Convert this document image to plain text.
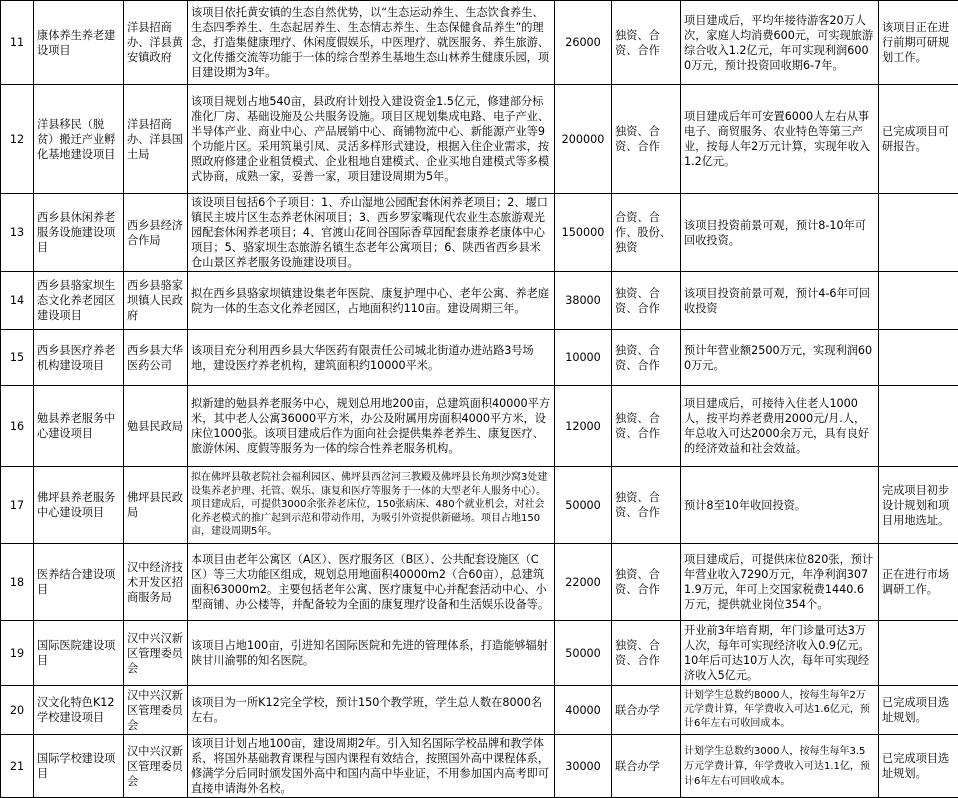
11	康体养生养老建设项目	洋县招商办、洋县黄安镇政府	该项目依托黄安镇的生态自然优势，以“生态运动养生、生态饮食养生、生态四季养生、生态起居养生、生态情志养生、生态保健食品养生”的理念，打造集健康理疗、休闲度假娱乐，中医理疗、就医服务、养生旅游、文化传播交流等功能于一体的综合型养生基地生态山林养生健康乐园，项目建设期为3年。	26000	独资、合资、合作	项目建成后，平均年接待游客20万人次，家庭人均消费600元，可实现旅游综合收入1.2亿元，年可实现利润6000万元，预计投资回收期6-7年。	该项目正在进行前期可研规划工作。
12	洋县移民（脱贫）搬迁产业孵化基地建设项目	洋县招商办、洋县国土局	该项目规划占地540亩，县政府计划投入建设资金1.5亿元，修建部分标准化厂房、基础设施及公共服务设施。项目区规划集成电路、电子产业、半导体产业、商业中心、产品展销中心、商铺物流中心、新能源产业等9个功能片区。采用筑巢引凤、灵活多样形式建设，根据入住企业需求，按照政府修建企业租赁模式、企业租地自建模式、企业买地自建模式等多模式协商，成熟一家，妥善一家，项目建设周期为5年。	200000	独资、合资、合作	项目建成后年可安置6000人左右从事电子、商贸服务、农业特色等第三产业，按每人年2万元计算，实现年收入1.2亿元。	已完成项目可研报告。
13	西乡县休闲养老服务设施建设项目	西乡县经济合作局	该设项目包括6个子项目：1、乔山湿地公园配套休闲养老项目；2、堰口镇民主坡片区生态养老休闲项目；3、西乡罗家嘴现代农业生态旅游观光园配套休闲养老项目；4、官渡山花间谷国际香草园配套康养老康体中心项目；5、骆家坝生态旅游名镇生态老年公寓项目；6、陕西省西乡县米仓山景区养老服务设施建设项目。	150000	合资、合作、股份、独资	该项目投资前景可观，预计8-10年可回收投资。	
14	西乡县骆家坝生态文化养老园区建设项目	西乡县骆家坝镇人民政府	拟在西乡县骆家坝镇建设集老年医院、康复护理中心、老年公寓、养老庭院为一体的生态文化养老园区，占地面积约110亩。建设周期三年。	38000	独资、合资、合作	该项目投资前景可观，预计4-6年可回收投资	
15	西乡县医疗养老机构建设项目	西乡县大华医药公司	该项目充分利用西乡县大华医药有限责任公司城北街道办进站路3号场地，建设医疗养老机构，建筑面积约10000平米。	10000	独资、合资、合作	预计年营业额2500万元，实现利润600万元。	
16	勉县养老服务中心建设项目	勉县民政局	拟新建的勉县养老服务中心，规划总用地200亩，总建筑面积40000平方米，其中老人公寓36000平方米，办公及附属用房面积4000平方米，设床位1000张。该项目建成后作为面向社会提供集养老养生、康复医疗、旅游休闲、度假等服务为一体的综合性养老服务机构。	12000	独资、合资、合作	项目建成后，可接待入住老人1000人，按平均养老费用2000元/月.人，年总收入可达2000余万元，具有良好的经济效益和社会效益。	
17	佛坪县养老服务中心建设项目	佛坪县民政局	拟在佛坪县敬老院社会福利园区、佛坪县西岔河三教殿及佛坪县长角坝沙窝3处建设集养老护理、托管、娱乐、康复和医疗等服务于一体的大型老年人服务中心）。项目建成后，可提供3000余张养老床位，150张病床、480个就业机会，对社会化养老模式的推广起到示范和带动作用，为吸引外资提供新磁场。项目占地150亩，建设周期5年。	50000	独资、合资、合作	预计8至10年收回投资。	完成项目初步设计规划和项目用地选址。
18	医养结合建设项目	汉中经济技术开发区招商服务局	本项目由老年公寓区（A区）、医疗服务区（B区）、公共配套设施区（C区）等三大功能区组成，规划总用地面积40000m2（合60亩），总建筑面积63000m2。主要包括老年公寓、医疗康复中心并配套活动中心、小型商铺、办公楼等，并配备较为全面的康复理疗设备和生活娱乐设备等。	22000	独资、合资、合作	项目建成后，可提供床位820张，预计年营业收入7290万元，年净利润3071.9万元，年可上交国家税费1440.6万元，提供就业岗位354个。	正在进行市场调研工作。
19	国际医院建设项目	汉中兴汉新区管理委员会	该项目占地100亩，引进知名国际医院和先进的管理体系，打造能够辐射陕甘川渝鄂的知名医院。	50000	独资、合资、合作	开业前3年培育期，年门诊量可达3万人次，每年可实现经济收入0.9亿元。10年后可达10万人次，每年可实现经济收入5亿元。	
20	汉文化特色K12学校建设项目	汉中兴汉新区管理委员会	该项目为一所K12完全学校，预计150个教学班，学生总人数在8000名左右。	40000	联合办学	计划学生总数约8000人，按每生每年2万元学费计算，年学费收入可达1.6亿元，预计6年左右可收回成本。	已完成项目选址规划。
21	国际学校建设项目	汉中兴汉新区管理委员会	该项目计划占地100亩，建设周期2年。引入知名国际学校品牌和教学体系，将国外基础教育课程与国内课程有效结合，按照国外高中课程体系，修满学分后同时颁发国外高中和国内高中毕业证，不用参加国内高考即可直接申请海外名校。	30000	联合办学	计划学生总数约3000人，按每生每年3.5万元学费计算，年学费收入可达1.1亿，预计6年左右可回收成本。	已完成项目选址规划。
